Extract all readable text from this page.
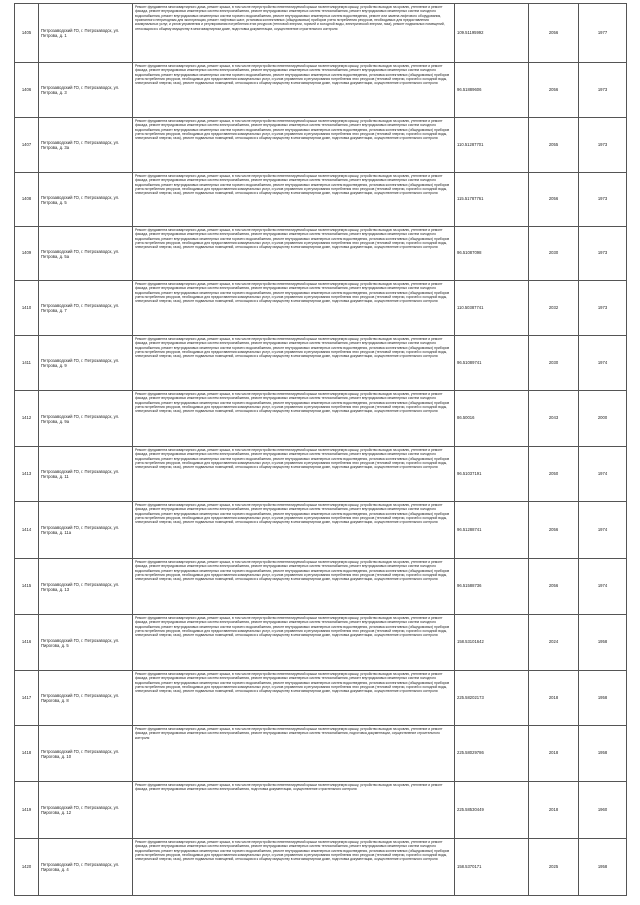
1405	Петрозаводский ГО, г. Петрозаводск, ул. Петрова, д. 1	Ремонт фундамента многоквартирного дома, ремонт крыши, в том числе переустройство невентилируемой крыши на вентилируемую крышу, устройство выходов на кровлю, утепление и ремонт фасада, ремонт внутридомовых инженерных систем электроснабжения, ремонт внутридомовых инженерных систем теплоснабжения, ремонт внутридомовых инженерных систем холодного водоснабжения, ремонт внутридомовых инженерных систем горячего водоснабжения, ремонт внутридомовых инженерных систем водоотведения, ремонт или замена лифтового оборудования, признанного непригодным для эксплуатации, ремонт лифтовых шахт, установка коллективных (общедомовых) приборов учета потребления ресурсов, необходимых для предоставления коммунальных услуг, и узлов управления и регулирования потребления этих ресурсов (тепловой энергии, горячей и холодной воды, электрической энергии, газа), ремонт подвальных помещений, относящихся к общему имуществу в многоквартирном доме, подготовка документации, осуществление строительного контроля	109.51195992	2056	1977
1406	Петрозаводский ГО, г. Петрозаводск, ул. Петрова, д. 3	Ремонт фундамента многоквартирного дома, ремонт крыши, в том числе переустройство невентилируемой крыши на вентилируемую крышу, устройство выходов на кровлю, утепление и ремонт фасада, ремонт внутридомовых инженерных систем электроснабжения, ремонт внутридомовых инженерных систем теплоснабжения, ремонт внутридомовых инженерных систем холодного водоснабжения, ремонт внутридомовых инженерных систем горячего водоснабжения, ремонт внутридомовых инженерных систем водоотведения, установка коллективных (общедомовых) приборов учета потребления ресурсов, необходимых для предоставления коммунальных услуг, и узлов управления и регулирования потребления этих ресурсов (тепловой энергии, горячей и холодной воды, электрической энергии, газа), ремонт подвальных помещений, относящихся к общему имуществу в многоквартирном доме, подготовка документации, осуществление строительного контроля	96.51889606	2056	1973
1407	Петрозаводский ГО, г. Петрозаводск, ул. Петрова, д. 3а	Ремонт фундамента многоквартирного дома, ремонт крыши, в том числе переустройство невентилируемой крыши на вентилируемую крышу, устройство выходов на кровлю, утепление и ремонт фасада, ремонт внутридомовых инженерных систем электроснабжения, ремонт внутридомовых инженерных систем теплоснабжения, ремонт внутридомовых инженерных систем холодного водоснабжения, ремонт внутридомовых инженерных систем горячего водоснабжения, ремонт внутридомовых инженерных систем водоотведения, установка коллективных (общедомовых) приборов учета потребления ресурсов, необходимых для предоставления коммунальных услуг, и узлов управления и регулирования потребления этих ресурсов (тепловой энергии, горячей и холодной воды, электрической энергии, газа), ремонт подвальных помещений, относящихся к общему имуществу в многоквартирном доме, подготовка документации, осуществление строительного контроля	110.51287701	2055	1973
1408	Петрозаводский ГО, г. Петрозаводск, ул. Петрова, д. 5	Ремонт фундамента многоквартирного дома, ремонт крыши, в том числе переустройство невентилируемой крыши на вентилируемую крышу, устройство выходов на кровлю, утепление и ремонт фасада, ремонт внутридомовых инженерных систем электроснабжения, ремонт внутридомовых инженерных систем теплоснабжения, ремонт внутридомовых инженерных систем холодного водоснабжения, ремонт внутридомовых инженерных систем горячего водоснабжения, ремонт внутридомовых инженерных систем водоотведения, установка коллективных (общедомовых) приборов учета потребления ресурсов, необходимых для предоставления коммунальных услуг, и узлов управления и регулирования потребления этих ресурсов (тепловой энергии, горячей и холодной воды, электрической энергии, газа), ремонт подвальных помещений, относящихся к общему имуществу в многоквартирном доме, подготовка документации, осуществление строительного контроля	115.51787761	2056	1973
1409	Петрозаводский ГО, г. Петрозаводск, ул. Петрова, д. 5а	Ремонт фундамента многоквартирного дома, ремонт крыши, в том числе переустройство невентилируемой крыши на вентилируемую крышу, устройство выходов на кровлю, утепление и ремонт фасада, ремонт внутридомовых инженерных систем электроснабжения, ремонт внутридомовых инженерных систем теплоснабжения, ремонт внутридомовых инженерных систем холодного водоснабжения, ремонт внутридомовых инженерных систем горячего водоснабжения, ремонт внутридомовых инженерных систем водоотведения, установка коллективных (общедомовых) приборов учета потребления ресурсов, необходимых для предоставления коммунальных услуг, и узлов управления и регулирования потребления этих ресурсов (тепловой энергии, горячей и холодной воды, электрической энергии, газа), ремонт подвальных помещений, относящихся к общему имуществу в многоквартирном доме, подготовка документации, осуществление строительного контроля	96.51087098	2030	1973
1410	Петрозаводский ГО, г. Петрозаводск, ул. Петрова, д. 7	Ремонт фундамента многоквартирного дома, ремонт крыши, в том числе переустройство невентилируемой крыши на вентилируемую крышу, устройство выходов на кровлю, утепление и ремонт фасада, ремонт внутридомовых инженерных систем электроснабжения, ремонт внутридомовых инженерных систем теплоснабжения, ремонт внутридомовых инженерных систем холодного водоснабжения, ремонт внутридомовых инженерных систем горячего водоснабжения, ремонт внутридомовых инженерных систем водоотведения, установка коллективных (общедомовых) приборов учета потребления ресурсов, необходимых для предоставления коммунальных услуг, и узлов управления и регулирования потребления этих ресурсов (тепловой энергии, горячей и холодной воды, электрической энергии, газа), ремонт подвальных помещений, относящихся к общему имуществу в многоквартирном доме, подготовка документации, осуществление строительного контроля	110.50387741	2032	1973
1411	Петрозаводский ГО, г. Петрозаводск, ул. Петрова, д. 9	Ремонт фундамента многоквартирного дома, ремонт крыши, в том числе переустройство невентилируемой крыши на вентилируемую крышу, устройство выходов на кровлю, утепление и ремонт фасада, ремонт внутридомовых инженерных систем электроснабжения, ремонт внутридомовых инженерных систем теплоснабжения, ремонт внутридомовых инженерных систем холодного водоснабжения, ремонт внутридомовых инженерных систем горячего водоснабжения, ремонт внутридомовых инженерных систем водоотведения, установка коллективных (общедомовых) приборов учета потребления ресурсов, необходимых для предоставления коммунальных услуг, и узлов управления и регулирования потребления этих ресурсов (тепловой энергии, горячей и холодной воды, электрической энергии, газа), ремонт подвальных помещений, относящихся к общему имуществу в многоквартирном доме, подготовка документации, осуществление строительного контроля	96.51089741	2030	1974
1412	Петрозаводский ГО, г. Петрозаводск, ул. Петрова, д. 9а	Ремонт фундамента многоквартирного дома, ремонт крыши, в том числе переустройство невентилируемой крыши на вентилируемую крышу, устройство выходов на кровлю, утепление и ремонт фасада, ремонт внутридомовых инженерных систем электроснабжения, ремонт внутридомовых инженерных систем теплоснабжения, ремонт внутридомовых инженерных систем холодного водоснабжения, ремонт внутридомовых инженерных систем горячего водоснабжения, ремонт внутридомовых инженерных систем водоотведения, установка коллективных (общедомовых) приборов учета потребления ресурсов, необходимых для предоставления коммунальных услуг, и узлов управления и регулирования потребления этих ресурсов (тепловой энергии, горячей и холодной воды, электрической энергии, газа), ремонт подвальных помещений, относящихся к общему имуществу в многоквартирном доме, подготовка документации, осуществление строительного контроля	86.50016	2043	2000
1413	Петрозаводский ГО, г. Петрозаводск, ул. Петрова, д. 11	Ремонт фундамента многоквартирного дома, ремонт крыши, в том числе переустройство невентилируемой крыши на вентилируемую крышу, устройство выходов на кровлю, утепление и ремонт фасада, ремонт внутридомовых инженерных систем электроснабжения, ремонт внутридомовых инженерных систем теплоснабжения, ремонт внутридомовых инженерных систем холодного водоснабжения, ремонт внутридомовых инженерных систем горячего водоснабжения, ремонт внутридомовых инженерных систем водоотведения, установка коллективных (общедомовых) приборов учета потребления ресурсов, необходимых для предоставления коммунальных услуг, и узлов управления и регулирования потребления этих ресурсов (тепловой энергии, горячей и холодной воды, электрической энергии, газа), ремонт подвальных помещений, относящихся к общему имуществу в многоквартирном доме, подготовка документации, осуществление строительного контроля	96.51037191	2050	1974
1414	Петрозаводский ГО, г. Петрозаводск, ул. Петрова, д. 11а	Ремонт фундамента многоквартирного дома, ремонт крыши, в том числе переустройство невентилируемой крыши на вентилируемую крышу, устройство выходов на кровлю, утепление и ремонт фасада, ремонт внутридомовых инженерных систем электроснабжения, ремонт внутридомовых инженерных систем теплоснабжения, ремонт внутридомовых инженерных систем холодного водоснабжения, ремонт внутридомовых инженерных систем горячего водоснабжения, ремонт внутридомовых инженерных систем водоотведения, установка коллективных (общедомовых) приборов учета потребления ресурсов, необходимых для предоставления коммунальных услуг, и узлов управления и регулирования потребления этих ресурсов (тепловой энергии, горячей и холодной воды, электрической энергии, газа), ремонт подвальных помещений, относящихся к общему имуществу в многоквартирном доме, подготовка документации, осуществление строительного контроля	96.51288741	2056	1974
1415	Петрозаводский ГО, г. Петрозаводск, ул. Петрова, д. 13	Ремонт фундамента многоквартирного дома, ремонт крыши, в том числе переустройство невентилируемой крыши на вентилируемую крышу, устройство выходов на кровлю, утепление и ремонт фасада, ремонт внутридомовых инженерных систем электроснабжения, ремонт внутридомовых инженерных систем теплоснабжения, ремонт внутридомовых инженерных систем холодного водоснабжения, ремонт внутридомовых инженерных систем горячего водоснабжения, ремонт внутридомовых инженерных систем водоотведения, установка коллективных (общедомовых) приборов учета потребления ресурсов, необходимых для предоставления коммунальных услуг, и узлов управления и регулирования потребления этих ресурсов (тепловой энергии, горячей и холодной воды, электрической энергии, газа), ремонт подвальных помещений, относящихся к общему имуществу в многоквартирном доме, подготовка документации, осуществление строительного контроля	96.51588736	2056	1974
1416	Петрозаводский ГО, г. Петрозаводск, ул. Пирогова, д. 5	Ремонт фундамента многоквартирного дома, ремонт крыши, в том числе переустройство невентилируемой крыши на вентилируемую крышу, устройство выходов на кровлю, утепление и ремонт фасада, ремонт внутридомовых инженерных систем электроснабжения, ремонт внутридомовых инженерных систем теплоснабжения, ремонт внутридомовых инженерных систем холодного водоснабжения, ремонт внутридомовых инженерных систем горячего водоснабжения, ремонт внутридомовых инженерных систем водоотведения, установка коллективных (общедомовых) приборов учета потребления ресурсов, необходимых для предоставления коммунальных услуг, и узлов управления и регулирования потребления этих ресурсов (тепловой энергии, горячей и холодной воды, электрической энергии, газа), ремонт подвальных помещений, относящихся к общему имуществу в многоквартирном доме, подготовка документации, осуществление строительного контроля	158.53101642	2024	1958
1417	Петрозаводский ГО, г. Петрозаводск, ул. Пирогова, д. 8	Ремонт фундамента многоквартирного дома, ремонт крыши, в том числе переустройство невентилируемой крыши на вентилируемую крышу, устройство выходов на кровлю, утепление и ремонт фасада, ремонт внутридомовых инженерных систем электроснабжения, ремонт внутридомовых инженерных систем теплоснабжения, ремонт внутридомовых инженерных систем холодного водоснабжения, ремонт внутридомовых инженерных систем горячего водоснабжения, ремонт внутридомовых инженерных систем водоотведения, установка коллективных (общедомовых) приборов учета потребления ресурсов, необходимых для предоставления коммунальных услуг, и узлов управления и регулирования потребления этих ресурсов (тепловой энергии, горячей и холодной воды, электрической энергии, газа), ремонт подвальных помещений, относящихся к общему имуществу в многоквартирном доме, подготовка документации, осуществление строительного контроля	225.58202173	2018	1958
1418	Петрозаводский ГО, г. Петрозаводск, ул. Пирогова, д. 10	Ремонт фундамента многоквартирного дома, ремонт крыши, в том числе переустройство невентилируемой крыши на вентилируемую крышу, устройство выходов на кровлю, утепление и ремонт фасада, ремонт внутридомовых инженерных систем электроснабжения, ремонт внутридомовых инженерных систем теплоснабжения, подготовка документации, осуществление строительного контроля	225.58029786	2018	1958
1419	Петрозаводский ГО, г. Петрозаводск, ул. Пирогова, д. 12	Ремонт фундамента многоквартирного дома, ремонт крыши, в том числе переустройство невентилируемой крыши на вентилируемую крышу, устройство выходов на кровлю, утепление и ремонт фасада, ремонт внутридомовых инженерных систем электроснабжения, подготовка документации, осуществление строительного контроля	225.58530449	2018	1960
1420	Петрозаводский ГО, г. Петрозаводск, ул. Пирогова, д. 4	Ремонт фундамента многоквартирного дома, ремонт крыши, в том числе переустройство невентилируемой крыши на вентилируемую крышу, устройство выходов на кровлю, утепление и ремонт фасада, ремонт внутридомовых инженерных систем электроснабжения, ремонт внутридомовых инженерных систем теплоснабжения, ремонт внутридомовых инженерных систем холодного водоснабжения, ремонт внутридомовых инженерных систем горячего водоснабжения, ремонт внутридомовых инженерных систем водоотведения, установка коллективных (общедомовых) приборов учета потребления ресурсов, необходимых для предоставления коммунальных услуг, и узлов управления и регулирования потребления этих ресурсов (тепловой энергии, горячей и холодной воды, электрической энергии, газа), ремонт подвальных помещений, относящихся к общему имуществу в многоквартирном доме, подготовка документации, осуществление строительного контроля	158.5370171	2025	1958
